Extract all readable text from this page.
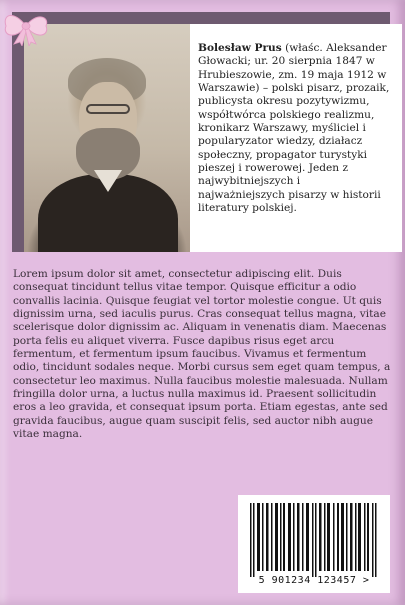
Bolesław Prus (właśc. Aleksander Głowacki; ur. 20 sierpnia 1847 w Hrubieszowie, zm. 19 maja 1912 w Warszawie) – polski pisarz, prozaik, publicysta okresu pozytywizmu, współtwórca polskiego realizmu, kronikarz Warszawy, myśliciel i popularyzator wiedzy, działacz społeczny, propagator turystyki pieszej i rowerowej. Jeden z najwybitniejszych i najważniejszych pisarzy w historii literatury polskiej.
Lorem ipsum dolor sit amet, consectetur adipiscing elit. Duis consequat tincidunt tellus vitae tempor. Quisque efficitur a odio convallis lacinia. Quisque feugiat vel tortor molestie congue. Ut quis dignissim urna, sed iaculis purus. Cras consequat tellus magna, vitae scelerisque dolor dignissim ac. Aliquam in venenatis diam. Maecenas porta felis eu aliquet viverra. Fusce dapibus risus eget arcu fermentum, et fermentum ipsum faucibus. Vivamus et fermentum odio, tincidunt sodales neque. Morbi cursus sem eget quam tempus, a consectetur leo maximus. Nulla faucibus molestie malesuada. Nullam fringilla dolor urna, a luctus nulla maximus id. Praesent sollicitudin eros a leo gravida, et consequat ipsum porta. Etiam egestas, ante sed gravida faucibus, augue quam suscipit felis, sed auctor nibh augue vitae magna.
5 901234 123457 >
